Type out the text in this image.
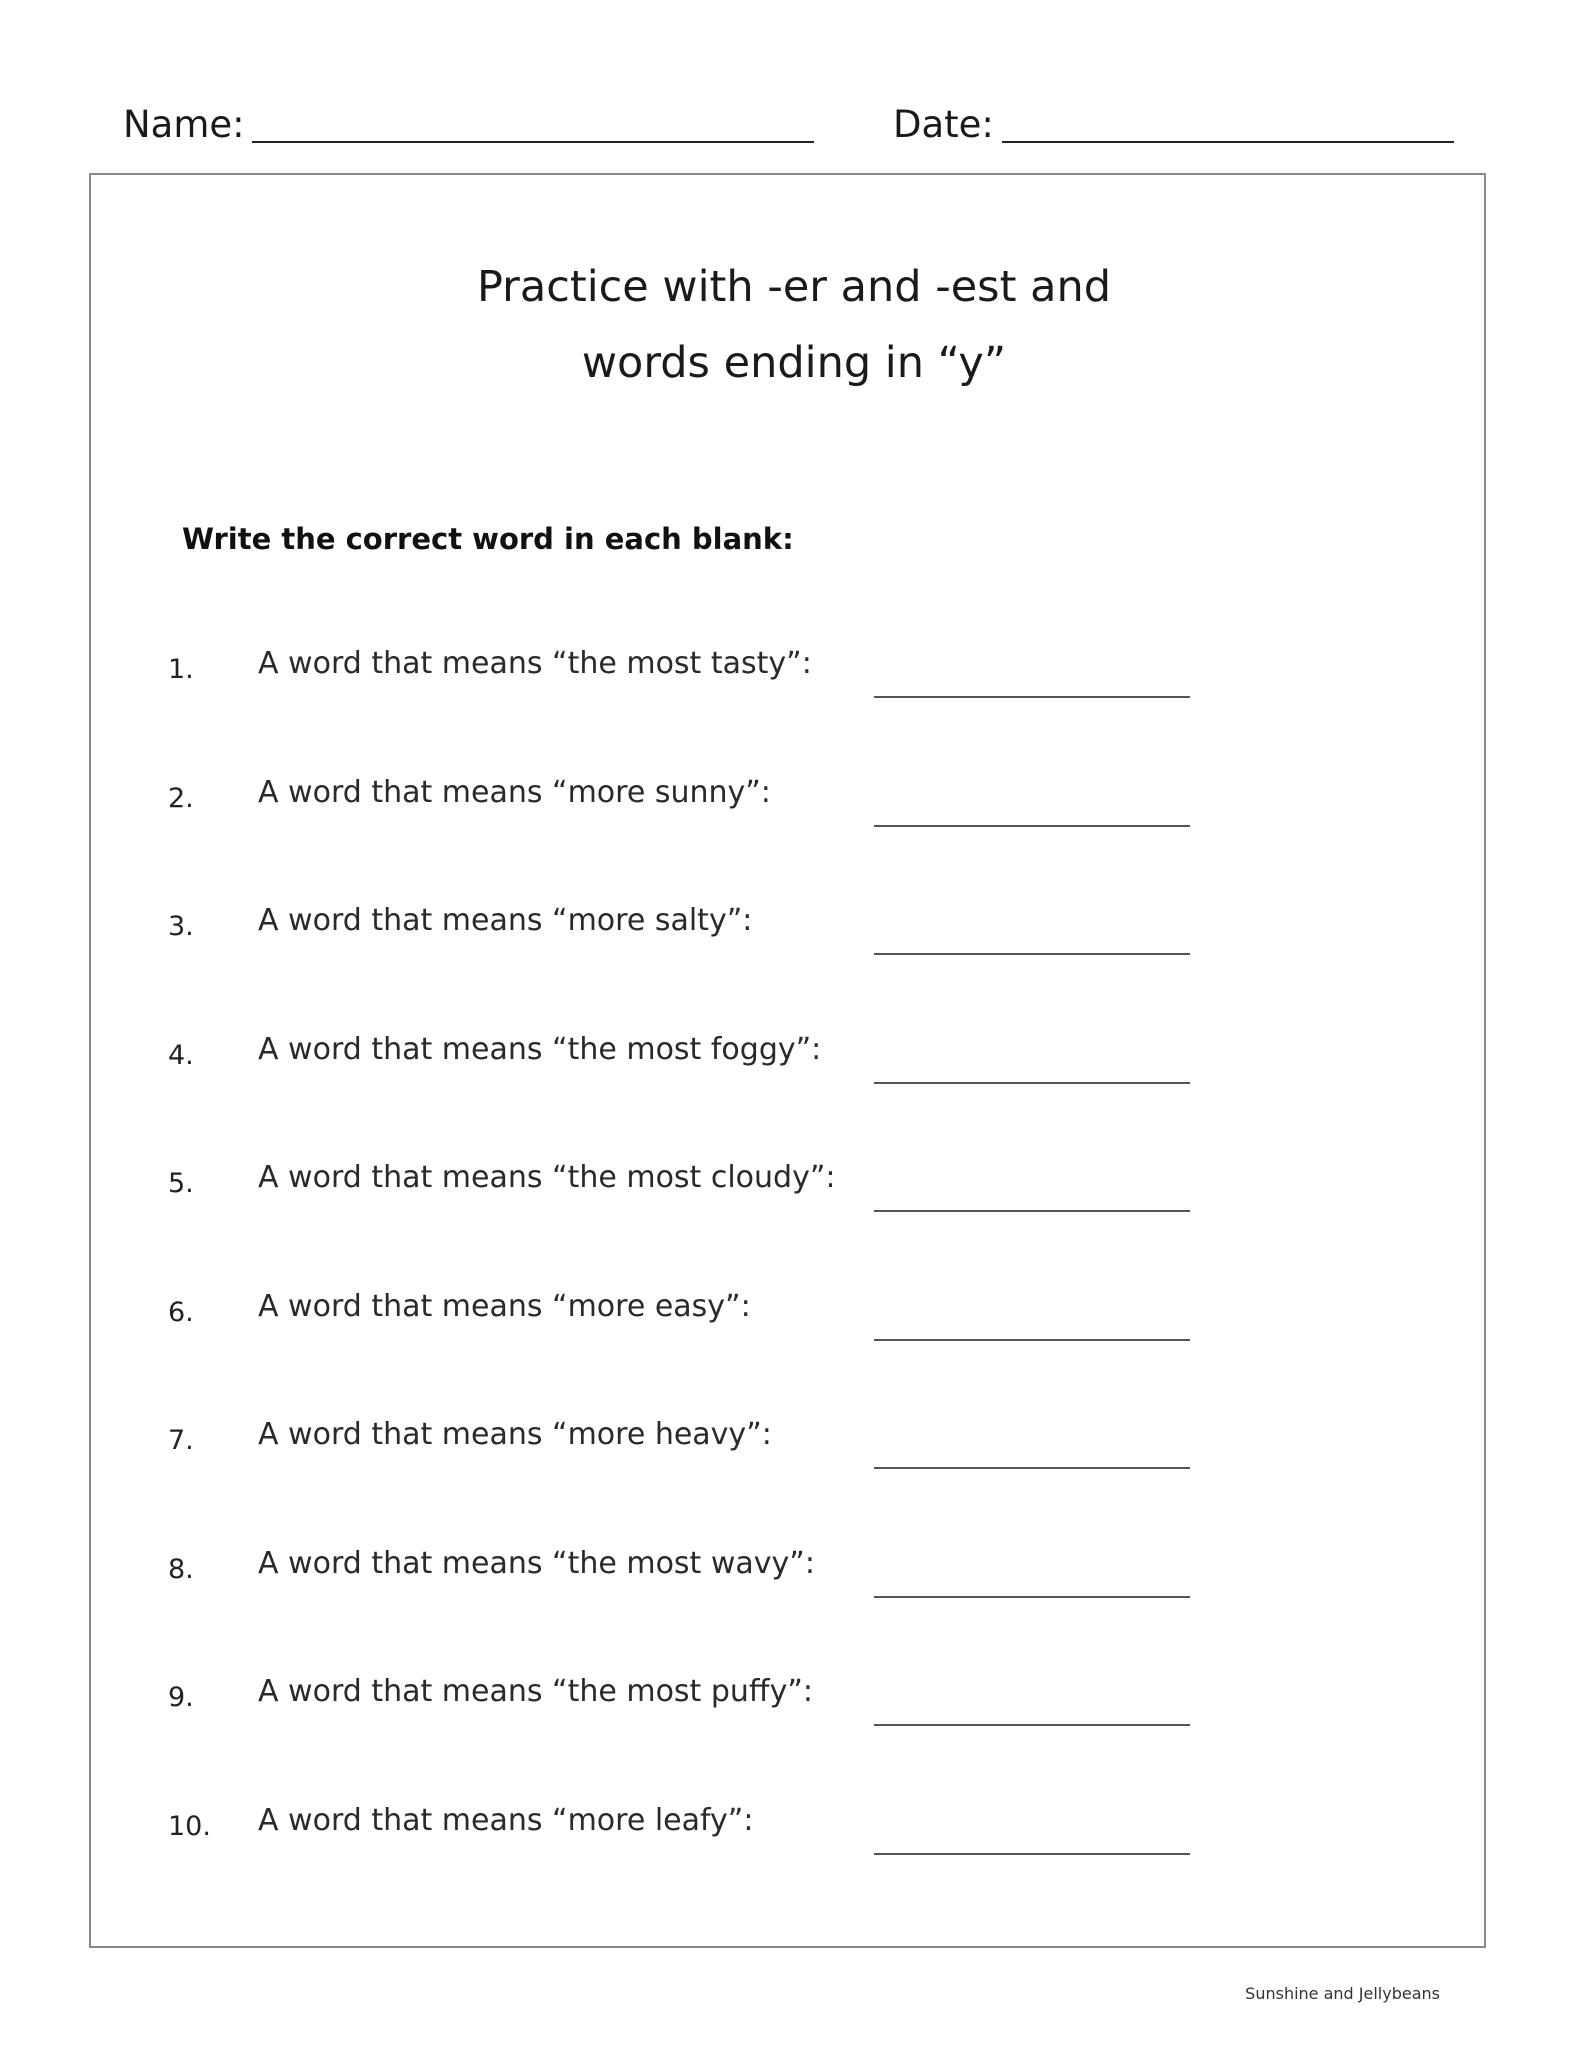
Name:	Date:
Practice with -er and -est and
words ending in “y”
Write the correct word in each blank:
1. A word that means “the most tasty”:
2. A word that means “more sunny”:
3. A word that means “more salty”:
4. A word that means “the most foggy”:
5. A word that means “the most cloudy”:
6. A word that means “more easy”:
7. A word that means “more heavy”:
8. A word that means “the most wavy”:
9. A word that means “the most puffy”:
10. A word that means “more leafy”:
Sunshine and Jellybeans
